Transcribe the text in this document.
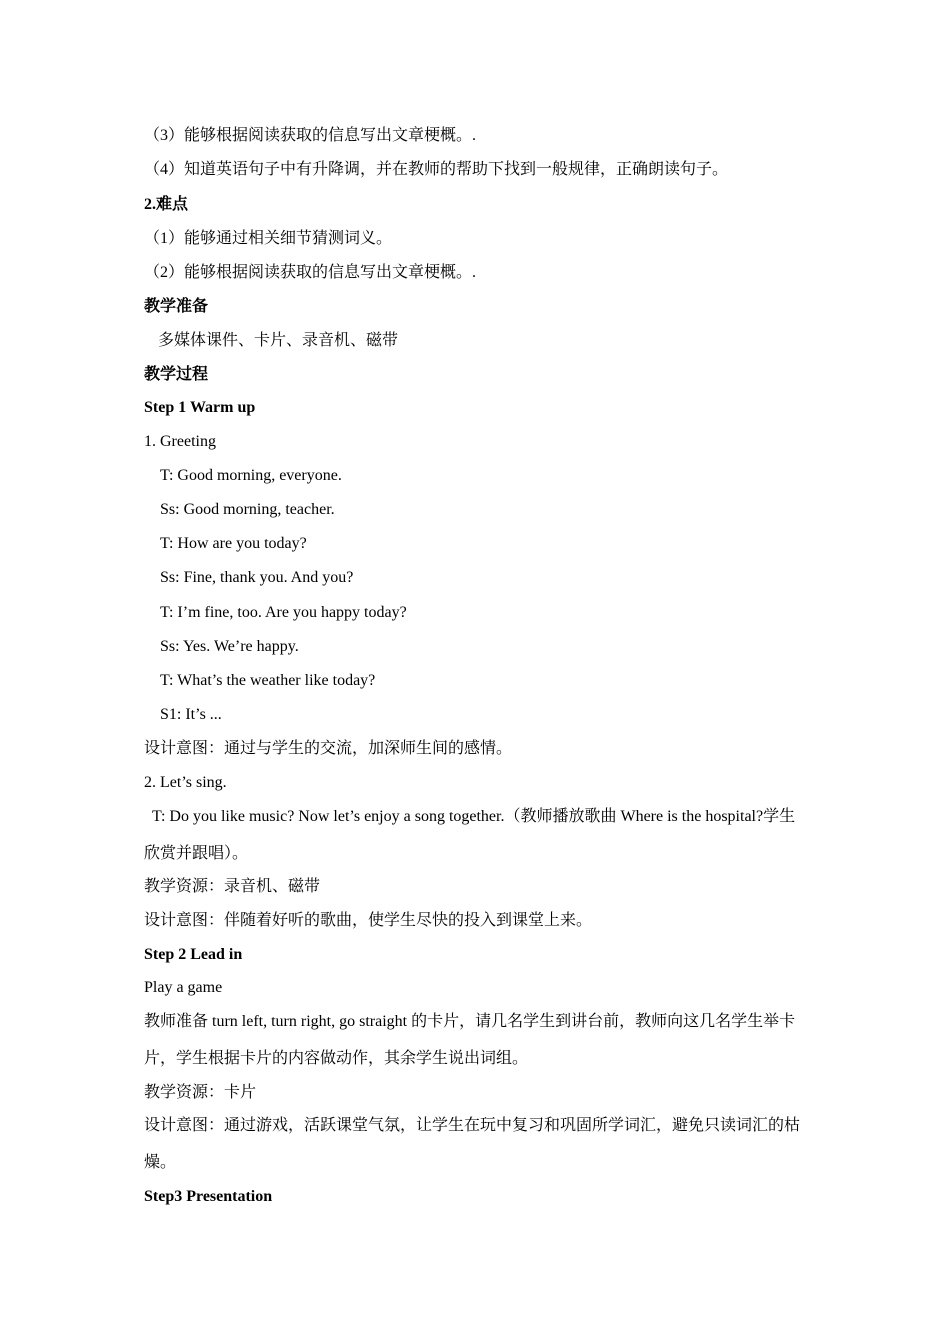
（3）能够根据阅读获取的信息写出文章梗概。.
（4）知道英语句子中有升降调，并在教师的帮助下找到一般规律，正确朗读句子。
2.难点
（1）能够通过相关细节猜测词义。
（2）能够根据阅读获取的信息写出文章梗概。.
教学准备
多媒体课件、卡片、录音机、磁带
教学过程
Step 1 Warm up
1. Greeting
T: Good morning, everyone.
Ss: Good morning, teacher.
T: How are you today?
Ss: Fine, thank you. And you?
T: I’m fine, too. Are you happy today?
Ss: Yes. We’re happy.
T: What’s the weather like today?
S1: It’s ...
设计意图：通过与学生的交流，加深师生间的感情。
2. Let’s sing.
T: Do you like music? Now let’s enjoy a song together.（教师播放歌曲 Where is the hospital?学生欣赏并跟唱）。
教学资源：录音机、磁带
设计意图：伴随着好听的歌曲，使学生尽快的投入到课堂上来。
Step 2 Lead in
Play a game
教师准备 turn left, turn right, go straight 的卡片，请几名学生到讲台前，教师向这几名学生举卡片，学生根据卡片的内容做动作，其余学生说出词组。
教学资源：卡片
设计意图：通过游戏，活跃课堂气氛，让学生在玩中复习和巩固所学词汇，避免只读词汇的枯燥。
Step3 Presentation
